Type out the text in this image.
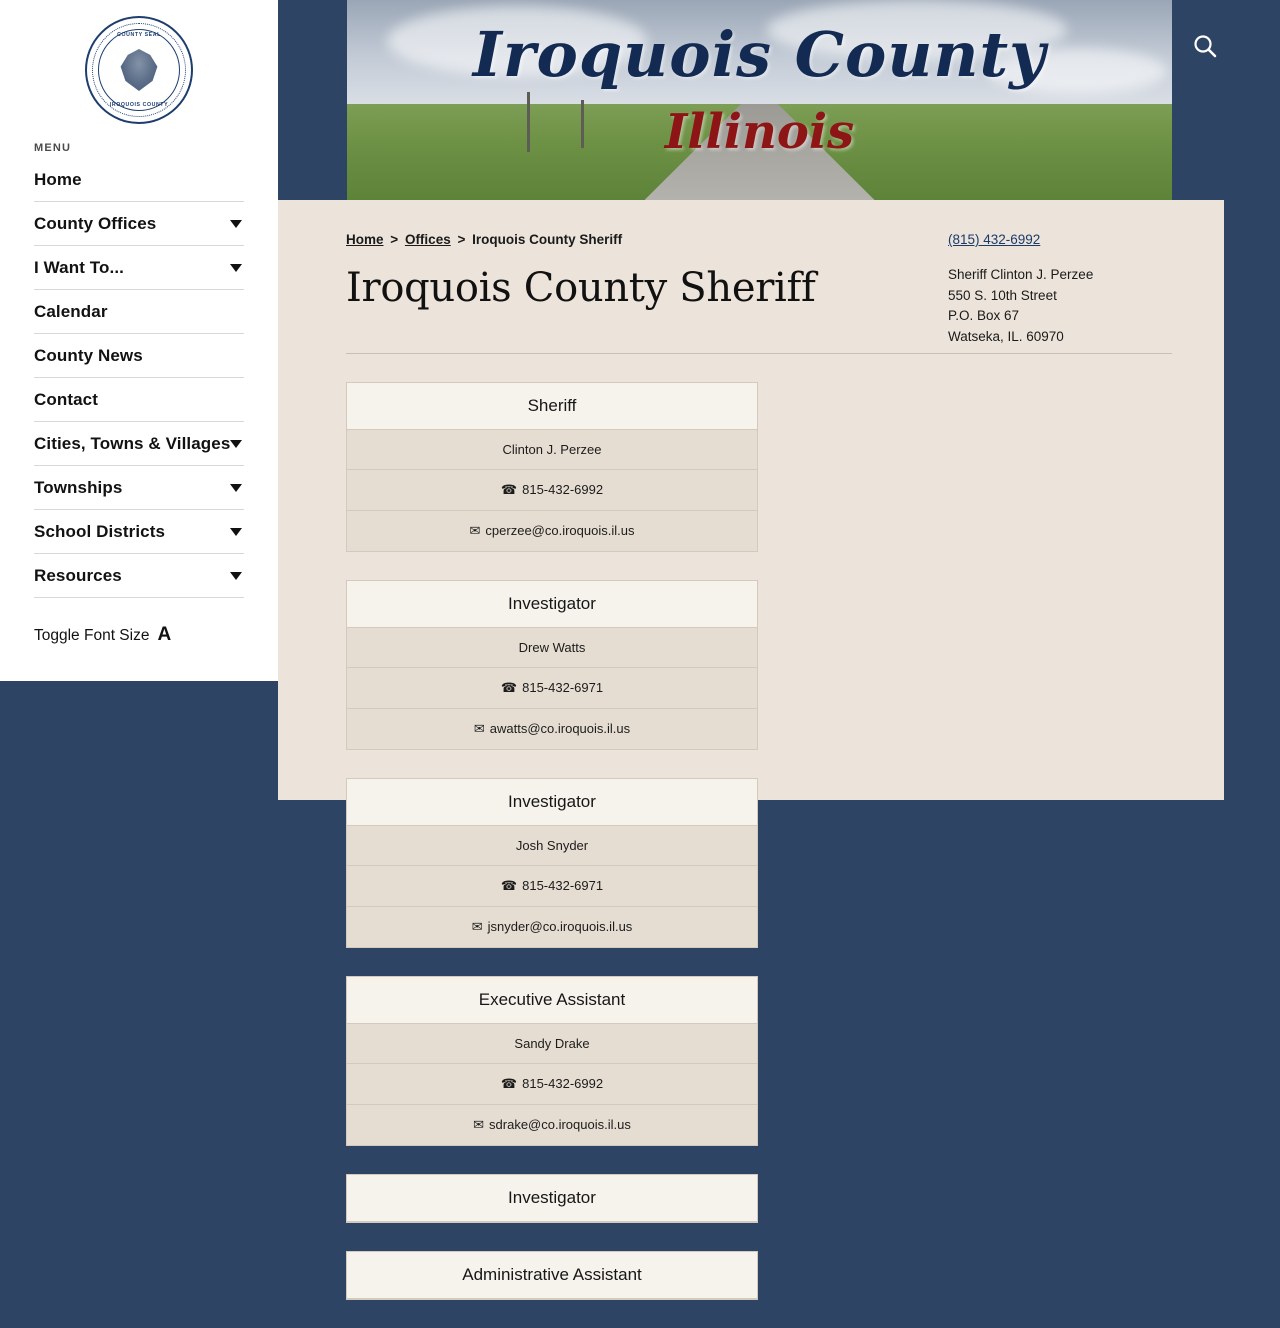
Iroquois County
Illinois
COUNTY SEAL
IROQUOIS COUNTY
MENU
Home
County Offices
I Want To...
Calendar
County News
Contact
Cities, Towns & Villages
Townships
School Districts
Resources
Toggle Font Size A
Home > Offices > Iroquois County Sheriff
Iroquois County Sheriff
(815) 432-6992
Sheriff Clinton J. Perzee
550 S. 10th Street
P.O. Box 67
Watseka, IL. 60970
Sheriff
Clinton J. Perzee
☎ 815-432-6992
✉ cperzee@co.iroquois.il.us
Investigator
Drew Watts
☎ 815-432-6971
✉ awatts@co.iroquois.il.us
Investigator
Josh Snyder
☎ 815-432-6971
✉ jsnyder@co.iroquois.il.us
Executive Assistant
Sandy Drake
☎ 815-432-6992
✉ sdrake@co.iroquois.il.us
Investigator
Administrative Assistant
